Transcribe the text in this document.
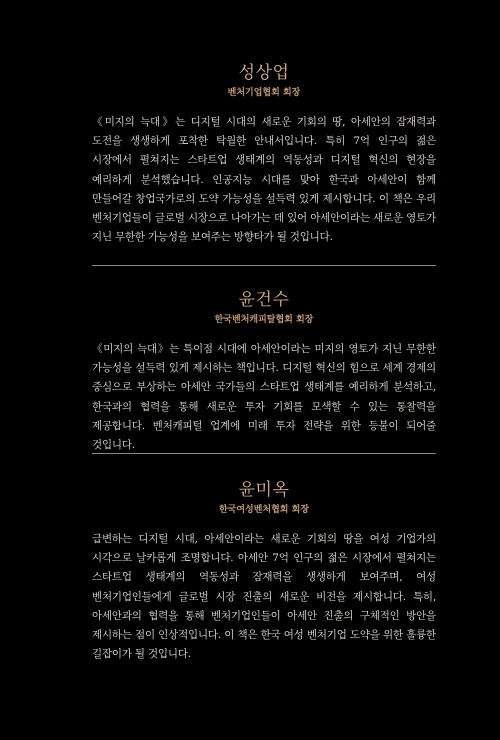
성상업

벤처기업협회 회장

《미지의 늑대》는 디지털 시대의 새로운 기회의 땅, 아세안의 잠재력과 도전을 생생하게 포착한 탁월한 안내서입니다. 특히 7억 인구의 젊은 시장에서 펼쳐지는 스타트업 생태계의 역동성과 디지털 혁신의 현장을 예리하게 분석했습니다. 인공지능 시대를 맞아 한국과 아세안이 함께 만들어갈 창업국가로의 도약 가능성을 설득력 있게 제시합니다. 이 책은 우리 벤처기업들이 글로벌 시장으로 나아가는 데 있어 아세안이라는 새로운 영토가 지닌 무한한 가능성을 보여주는 방향타가 될 것입니다.

윤건수

한국벤처캐피탈협회 회장

《미지의 늑대》는 특이점 시대에 아세안이라는 미지의 영토가 지닌 무한한 가능성을 설득력 있게 제시하는 책입니다. 디지털 혁신의 힘으로 세계 경제의 중심으로 부상하는 아세안 국가들의 스타트업 생태계를 예리하게 분석하고, 한국과의 협력을 통해 새로운 투자 기회를 모색할 수 있는 통찰력을 제공합니다. 벤처캐피털 업계에 미래 투자 전략을 위한 등불이 되어줄 것입니다.

윤미옥

한국여성벤처협회 회장

급변하는 디지털 시대, 아세안이라는 새로운 기회의 땅을 여성 기업가의 시각으로 날카롭게 조명합니다. 아세안 7억 인구의 젊은 시장에서 펼쳐지는 스타트업 생태계의 역동성과 잠재력을 생생하게 보여주며, 여성 벤처기업인들에게 글로벌 시장 진출의 새로운 비전을 제시합니다. 특히, 아세안과의 협력을 통해 벤처기업인들이 아세안 진출의 구체적인 방안을 제시하는 점이 인상적입니다. 이 책은 한국 여성 벤처기업 도약을 위한 훌륭한 길잡이가 될 것입니다.
